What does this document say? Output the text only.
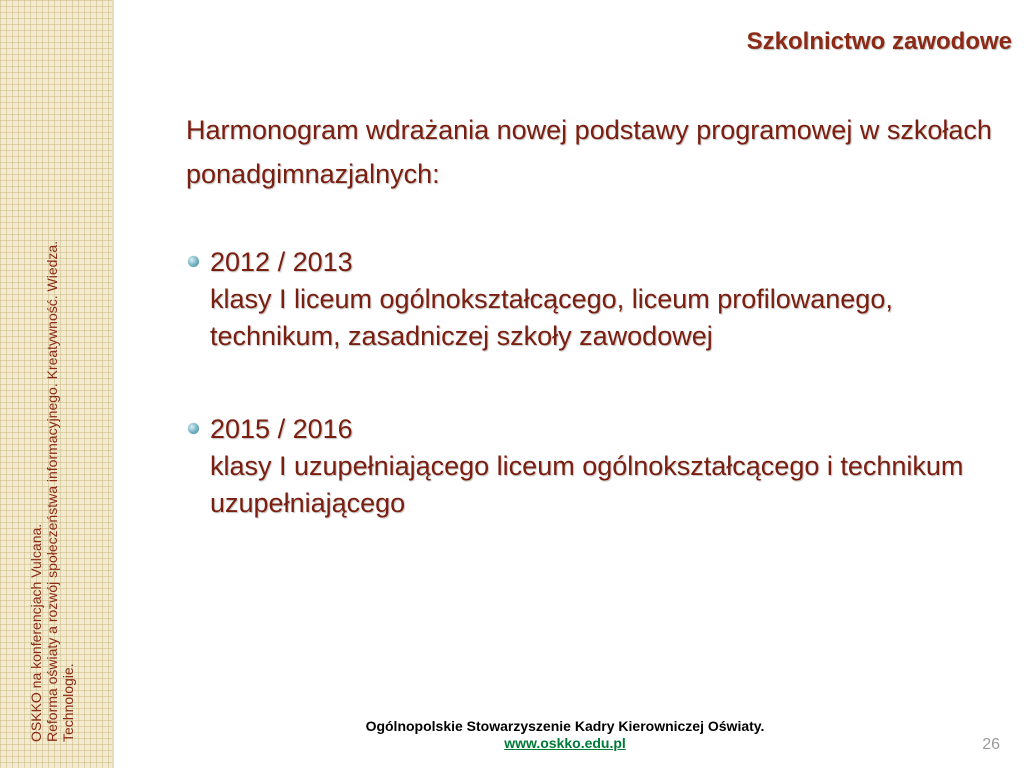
OSKKO na konferencjach Vulcana. Reforma oświaty a rozwój społeczeństwa informacyjnego. Kreatywność. Wiedza. Technologie.
Szkolnictwo zawodowe

Harmonogram wdrażania nowej podstawy programowej w szkołach ponadgimnazjalnych:

2012 / 2013
klasy I liceum ogólnokształcącego, liceum profilowanego, technikum, zasadniczej szkoły zawodowej
2015 / 2016
klasy I uzupełniającego liceum ogólnokształcącego i technikum uzupełniającego
Ogólnopolskie Stowarzyszenie Kadry Kierowniczej Oświaty.
www.oskko.edu.pl	26
